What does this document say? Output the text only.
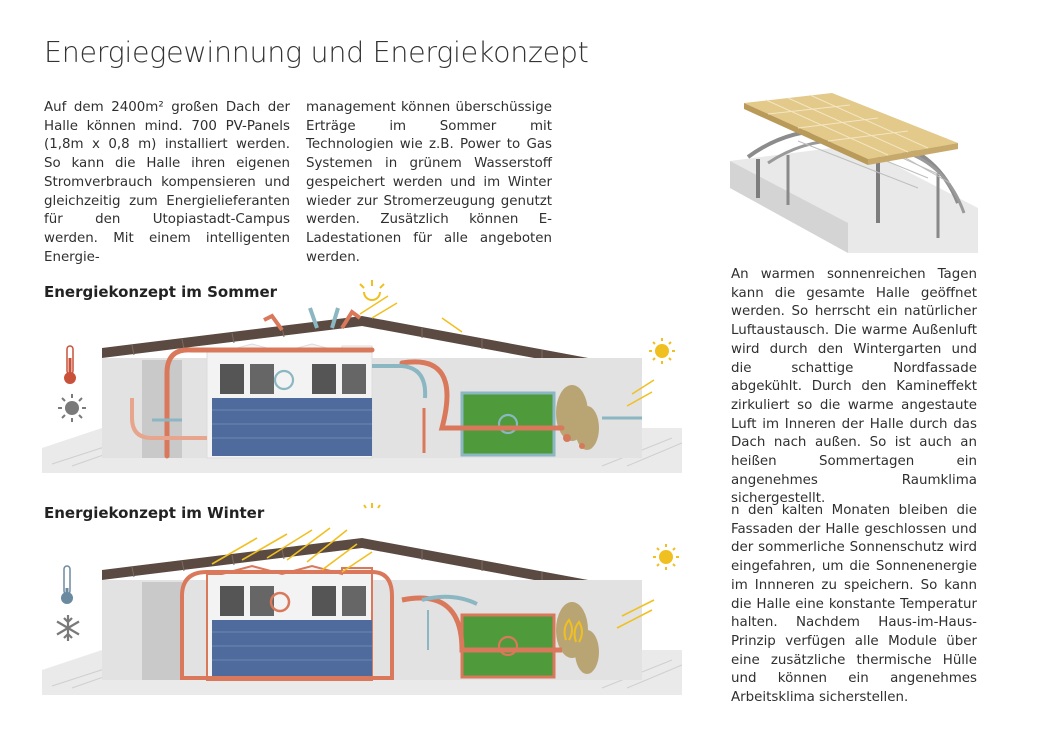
Energiegewinnung und Energiekonzept

Auf dem 2400m² großen Dach der Halle können mind. 700 PV-Panels (1,8m x 0,8 m) installiert werden. So kann die Halle ihren eigenen Stromverbrauch kompensieren und gleichzeitig zum Energielieferanten für den Utopiastadt-Campus werden. Mit einem intelligenten Energie-

management können überschüssige Erträge im Sommer mit Technologien wie z.B. Power to Gas Systemen in grünem Wasserstoff gespeichert werden und im Winter wieder zur Stromerzeugung genutzt werden. Zusätzlich können E-Ladestationen für alle angeboten werden.

Energiekonzept im Sommer

An warmen sonnenreichen Tagen kann die gesamte Halle geöffnet werden. So herrscht ein natürlicher Luftaustausch. Die warme Außenluft wird durch den Wintergarten und die schattige Nordfassade abgekühlt. Durch den Kamineffekt zirkuliert so die warme angestaute Luft im Inneren der Halle durch das Dach nach außen. So ist auch an heißen Sommertagen ein angenehmes Raumklima sichergestellt.

Energiekonzept im Winter	n den kalten Monaten bleiben die Fassaden der Halle geschlossen und der sommerliche Sonnenschutz wird eingefahren, um die Sonnenenergie im Innneren zu speichern. So kann die Halle eine konstante Temperatur halten. Nachdem Haus-im-Haus-Prinzip verfügen alle Module über eine zusätzliche thermische Hülle und können ein angenehmes Arbeitsklima sicherstellen.
